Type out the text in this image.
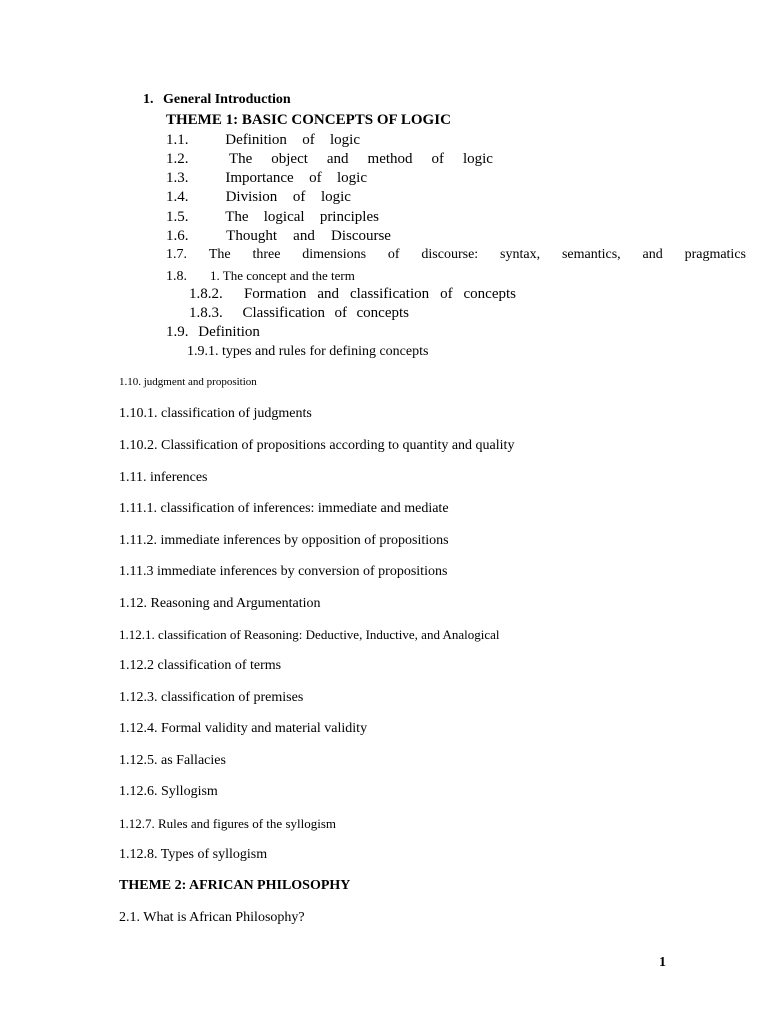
1. General Introduction
THEME 1: BASIC CONCEPTS OF LOGIC
1.1.	Definition of logic
1.2.	The object and method of logic
1.3.	Importance of logic
1.4.	Division of logic
1.5.	The logical principles
1.6.	Thought and Discourse
1.7. The three dimensions of discourse: syntax, semantics, and pragmatics
1.8. 1. The concept and the term
1.8.2.	Formation and classification of concepts
1.8.3.	Classification of concepts
1.9. Definition
1.9.1. types and rules for defining concepts
1.10. judgment and proposition
1.10.1. classification of judgments
1.10.2. Classification of propositions according to quantity and quality
1.11. inferences
1.11.1. classification of inferences: immediate and mediate
1.11.2. immediate inferences by opposition of propositions
1.11.3 immediate inferences by conversion of propositions
1.12. Reasoning and Argumentation
1.12.1. classification of Reasoning: Deductive, Inductive, and Analogical
1.12.2 classification of terms
1.12.3. classification of premises
1.12.4. Formal validity and material validity
1.12.5. as Fallacies
1.12.6. Syllogism
1.12.7. Rules and figures of the syllogism
1.12.8. Types of syllogism
THEME 2: AFRICAN PHILOSOPHY
2.1. What is African Philosophy?
1
